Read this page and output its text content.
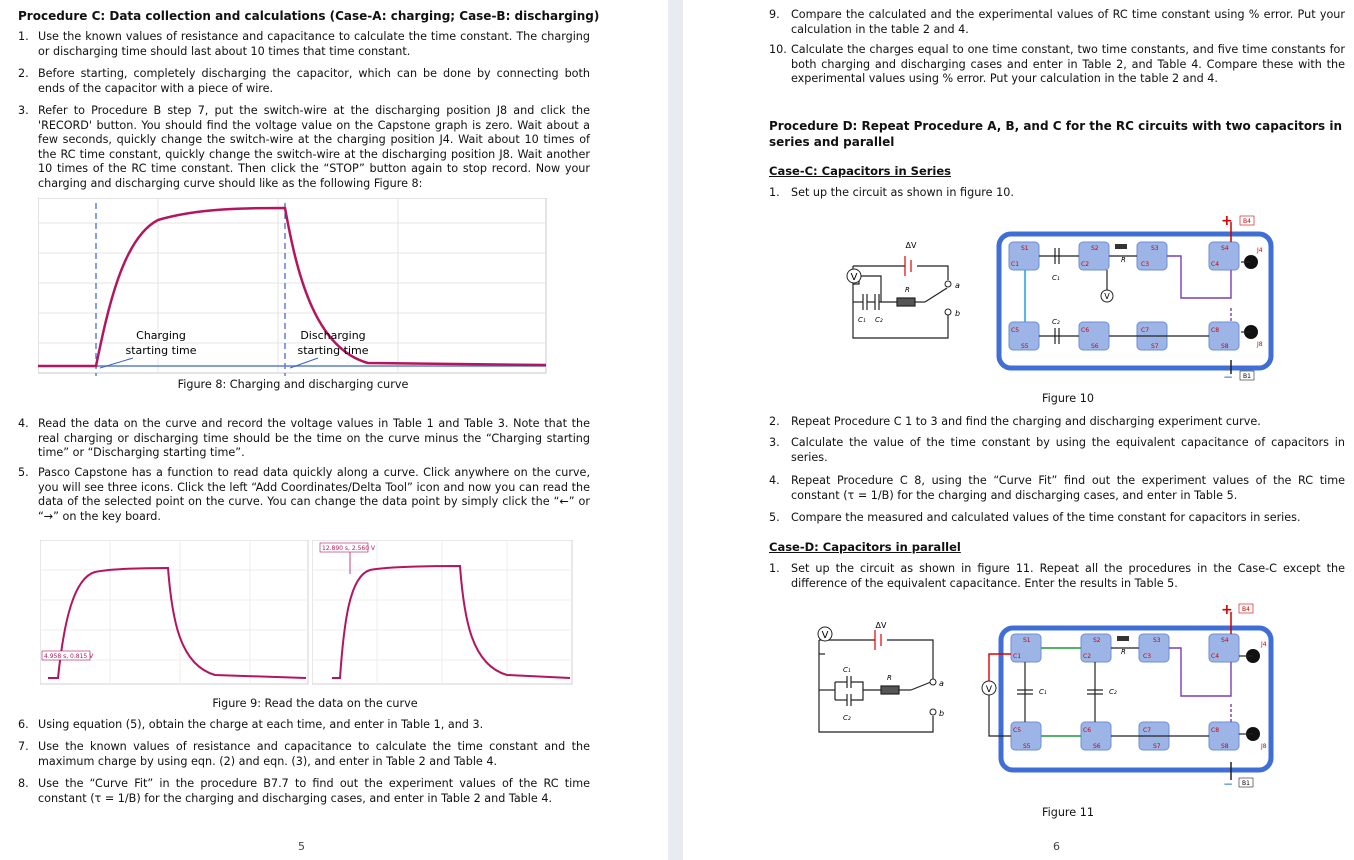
Procedure C: Data collection and calculations (Case-A: charging; Case-B: discharging)
1. Use the known values of resistance and capacitance to calculate the time constant. The charging or discharging time should last about 10 times that time constant.
2. Before starting, completely discharging the capacitor, which can be done by connecting both ends of the capacitor with a piece of wire.
3. Refer to Procedure B step 7, put the switch-wire at the discharging position J8 and click the 'RECORD' button. You should find the voltage value on the Capstone graph is zero. Wait about a few seconds, quickly change the switch-wire at the charging position J4. Wait about 10 times of the RC time constant, quickly change the switch-wire at the discharging position J8. Wait another 10 times of the RC time constant. Then click the “STOP” button again to stop record. Now your charging and discharging curve should like as the following Figure 8:
Charging
starting time
Discharging
starting time
Figure 8: Charging and discharging curve
4. Read the data on the curve and record the voltage values in Table 1 and Table 3. Note that the real charging or discharging time should be the time on the curve minus the “Charging starting time” or “Discharging starting time”.
5. Pasco Capstone has a function to read data quickly along a curve. Click anywhere on the curve, you will see three icons. Click the left “Add Coordinates/Delta Tool” icon and now you can read the data of the selected point on the curve. You can change the data point by simply click the “←” or “→” on the key board.
4.958 s, 0.815 V
12.890 s, 2.560 V
Figure 9: Read the data on the curve
6. Using equation (5), obtain the charge at each time, and enter in Table 1, and 3.
7. Use the known values of resistance and capacitance to calculate the time constant and the maximum charge by using eqn. (2) and eqn. (3), and enter in Table 2 and Table 4.
8. Use the “Curve Fit” in the procedure B7.7 to find out the experiment values of the RC time constant (τ = 1/B) for the charging and discharging cases, and enter in Table 2 and Table 4.
5
9. Compare the calculated and the experimental values of RC time constant using % error. Put your calculation in the table 2 and 4.
10. Calculate the charges equal to one time constant, two time constants, and five time constants for both charging and discharging cases and enter in Table 2, and Table 4. Compare these with the experimental values using % error. Put your calculation in the table 2 and 4.
Procedure D: Repeat Procedure A, B, and C for the RC circuits with two capacitors in series and parallel
Case-C: Capacitors in Series
1. Set up the circuit as shown in figure 10.
V
ΔV
R	a
b
C₁ C₂
S1	S2	S3	S4
C1	C2	C3	C4
C5	C6	C7	C8
S5	S6	S7	S8
V
B4
B1
+
−
J4
J8
R
C₁
C₂
Figure 10
2. Repeat Procedure C 1 to 3 and find the charging and discharging experiment curve.
3. Calculate the value of the time constant by using the equivalent capacitance of capacitors in series.
4. Repeat Procedure C 8, using the “Curve Fit” find out the experiment values of the RC time constant (τ = 1/B) for the charging and discharging cases, and enter in Table 5.
5. Compare the measured and calculated values of the time constant for capacitors in series.
Case-D: Capacitors in parallel
1. Set up the circuit as shown in figure 11. Repeat all the procedures in the Case-C except the difference of the equivalent capacitance. Enter the results in Table 5.
V
ΔV
R
a
b
C₁
C₂
S1	S2	S3	S4
C1	C2	C3	C4
C5	C6	C7	C8
S5	S6	S7	S8
V
B4
B1
+
−
J4
J8
R
C₁	C₂
Figure 11
6
